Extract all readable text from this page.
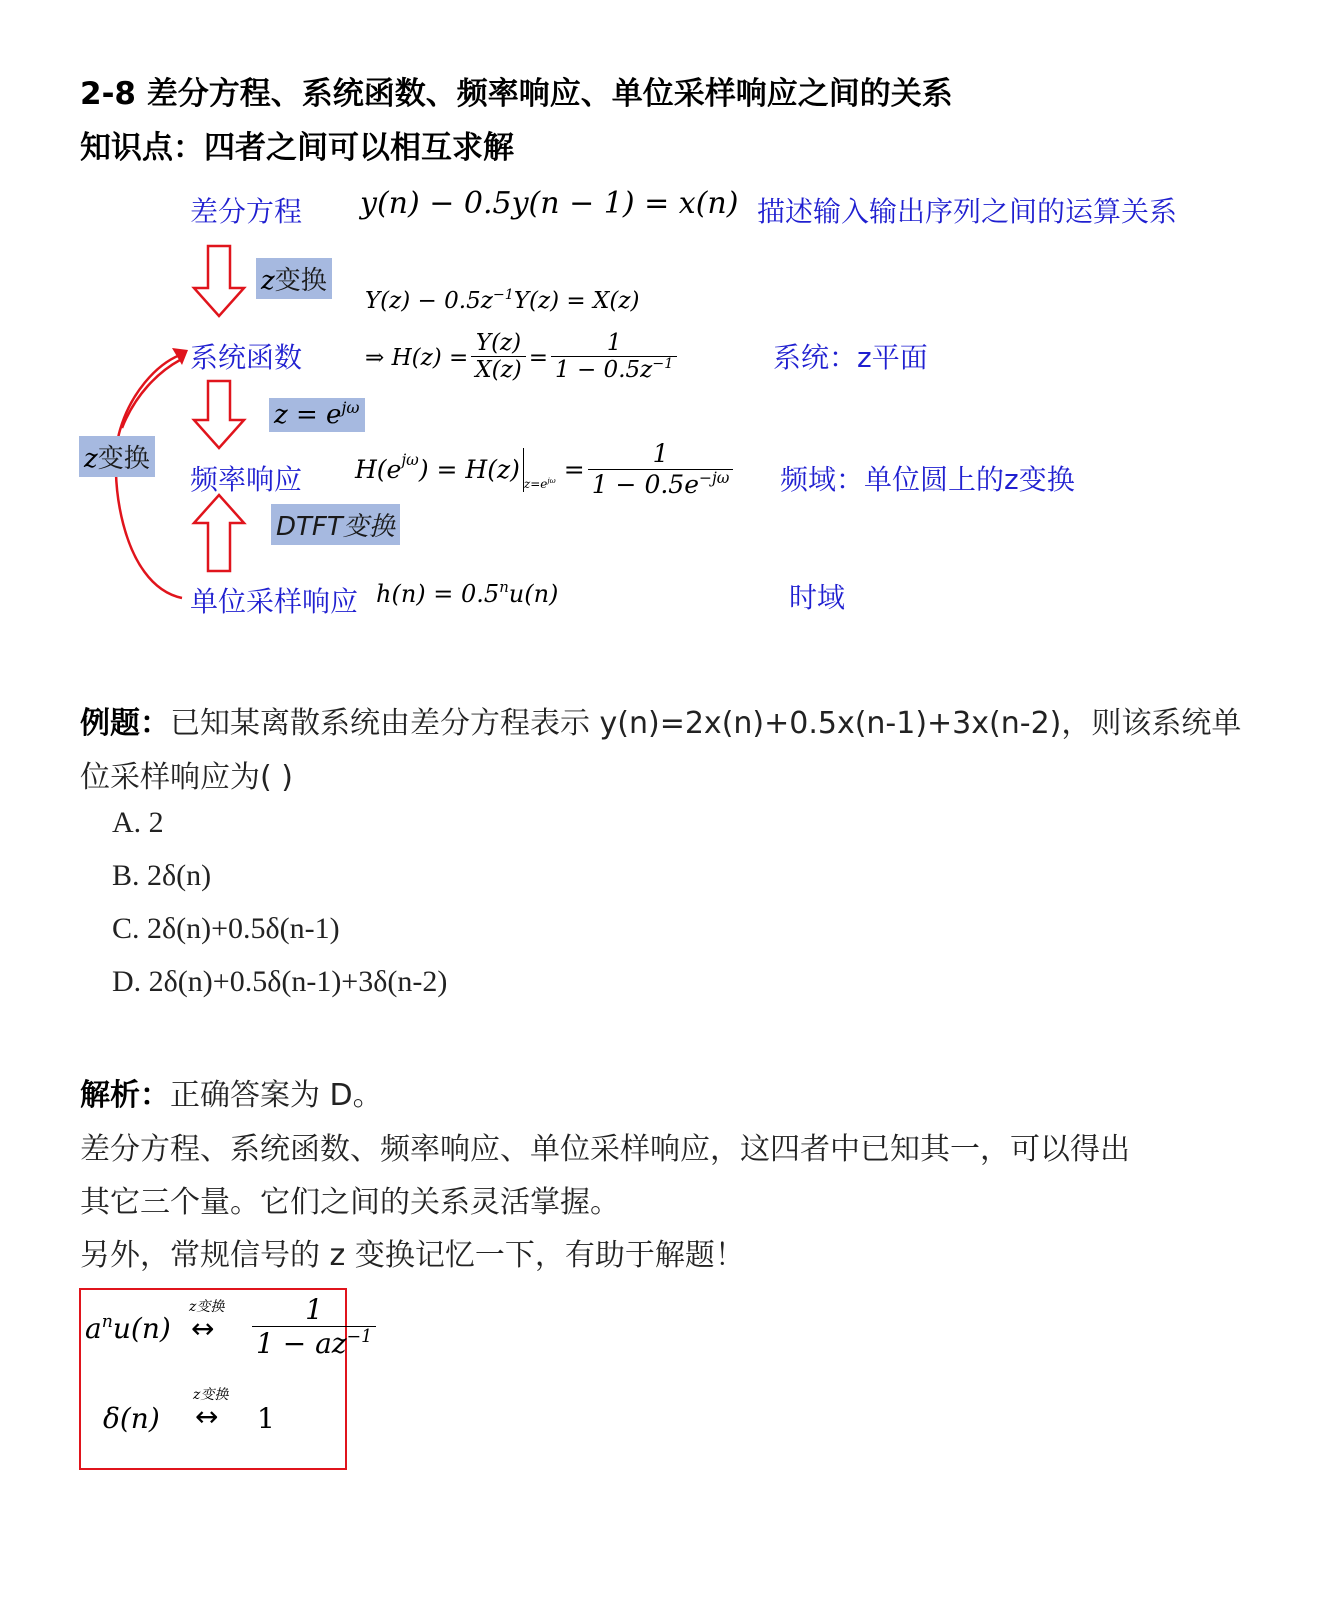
2-8 差分方程、系统函数、频率响应、单位采样响应之间的关系
知识点：四者之间可以相互求解
差分方程
系统函数
频率响应
单位采样响应
描述输入输出序列之间的运算关系
系统：z平面
频域：单位圆上的z变换
时域
z变换
$z = e^{j\omega}$
DTFT变换
z变换
y(n) − 0.5y(n − 1) = x(n)
$Y(z) - 0.5z^{-1}Y(z) = X(z)$
⇒ $H(z) = \frac{Y(z)}{X(z)} = \frac{1}{1 - 0.5z^{-1}}$
H(e jω ) = H(z) $z=e^{j\omega} = \frac{1}{1 - 0.5e^{-j\omega}}$
$h(n) = 0.5^nu(n)$
例题：已知某离散系统由差分方程表示 y(n)=2x(n)+0.5x(n-1)+3x(n-2)，则该系统单
位采样响应为( )
A. 2
B. 2δ(n)
C. 2δ(n)+0.5δ(n-1)
D. 2δ(n)+0.5δ(n-1)+3δ(n-2)
解析：正确答案为 D。
差分方程、系统函数、频率响应、单位采样响应，这四者中已知其一，可以得出
其它三个量。它们之间的关系灵活掌握。
另外，常规信号的 z 变换记忆一下，有助于解题！
$a^nu(n)$
z变换
↔ $\frac{1}{1 - az^{-1}}$
δ(n)
z变换
↔ 1
